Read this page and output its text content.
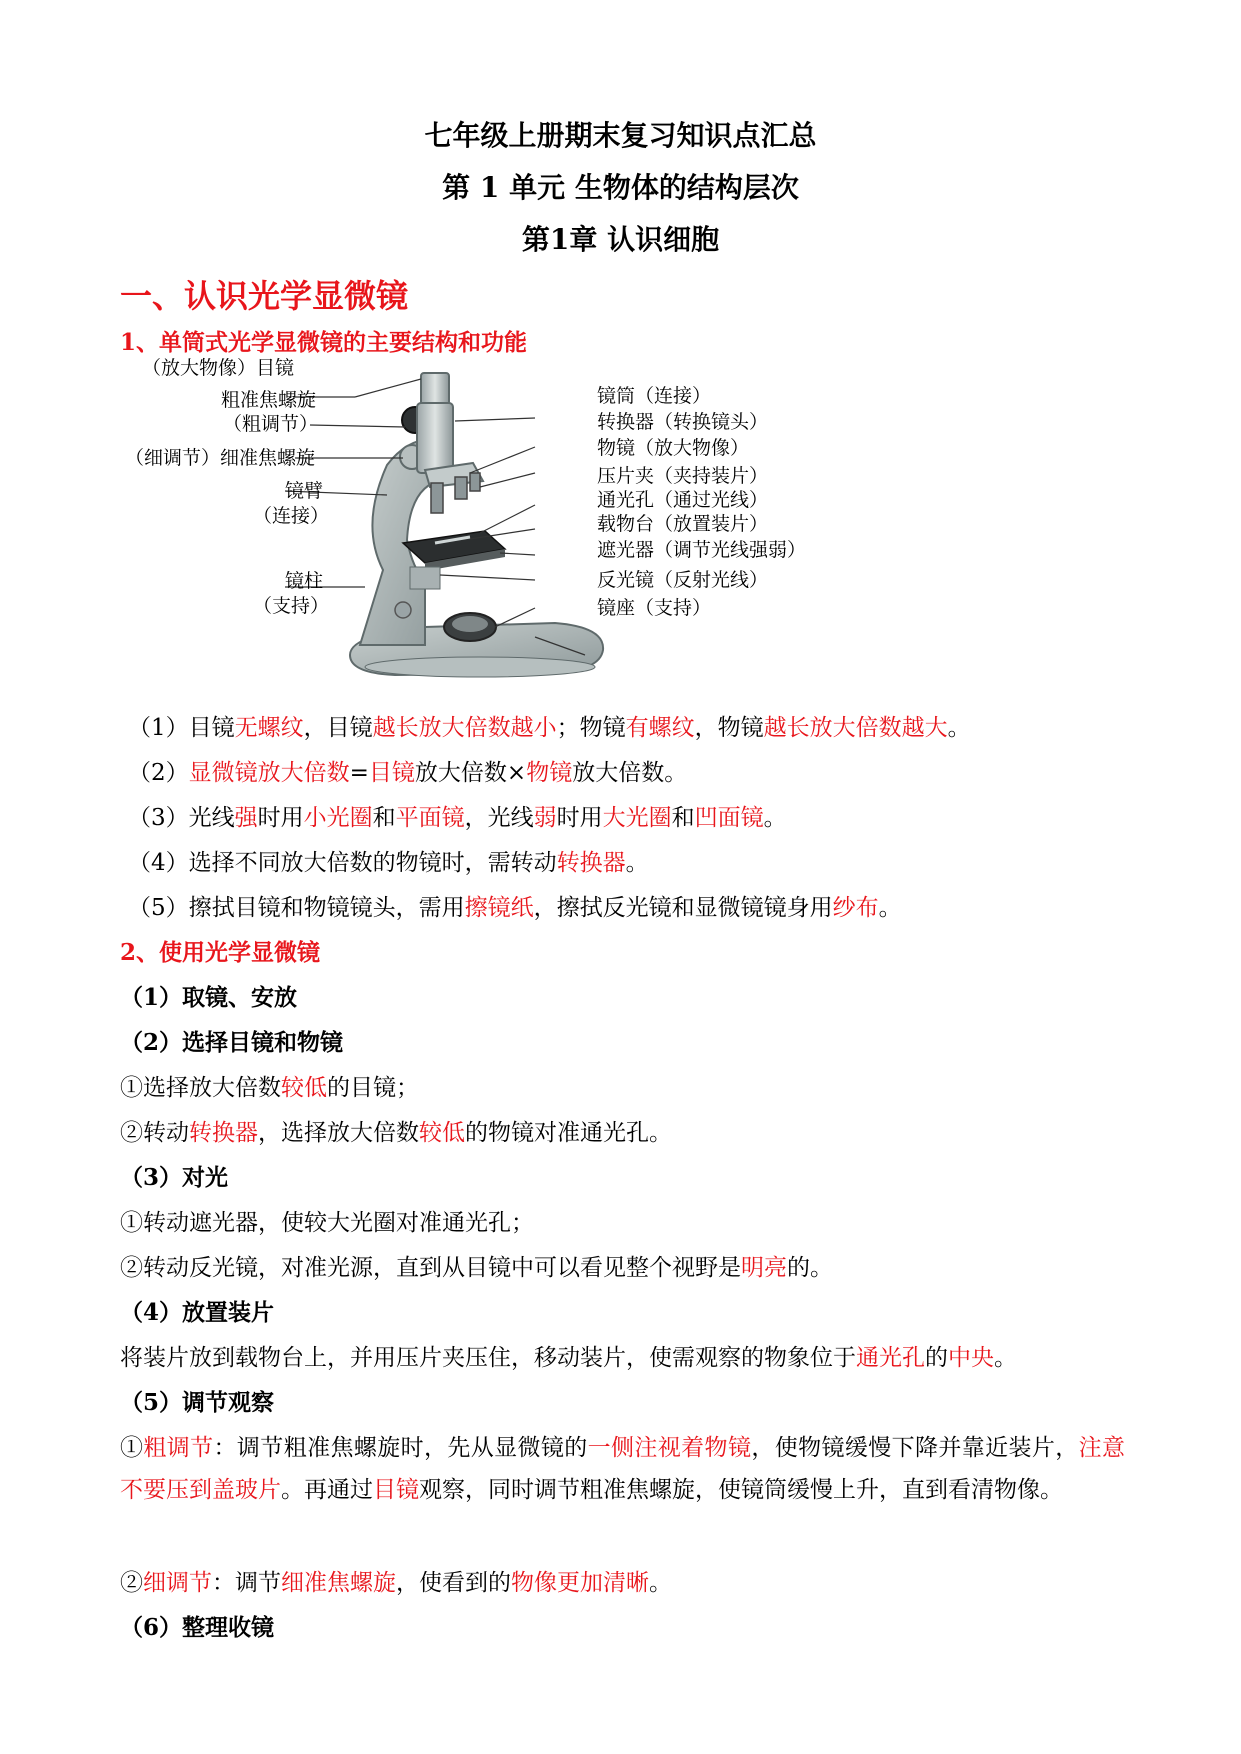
七年级上册期末复习知识点汇总
第 1 单元 生物体的结构层次
第1章 认识细胞
一、认识光学显微镜
1、单筒式光学显微镜的主要结构和功能
（放大物像）目镜
粗准焦螺旋
（粗调节）
（细调节）细准焦螺旋
镜臂
（连接）
镜柱
（支持）
镜筒（连接）
转换器（转换镜头）
物镜（放大物像）
压片夹（夹持装片）
通光孔（通过光线）
载物台（放置装片）
遮光器（调节光线强弱）
反光镜（反射光线）
镜座（支持）
（1）目镜无螺纹，目镜越长放大倍数越小；物镜有螺纹，物镜越长放大倍数越大。
（2）显微镜放大倍数=目镜放大倍数×物镜放大倍数。
（3）光线强时用小光圈和平面镜，光线弱时用大光圈和凹面镜。
（4）选择不同放大倍数的物镜时，需转动转换器。
（5）擦拭目镜和物镜镜头，需用擦镜纸，擦拭反光镜和显微镜镜身用纱布。
2、使用光学显微镜
（1）取镜、安放
（2）选择目镜和物镜
①选择放大倍数较低的目镜；
②转动转换器，选择放大倍数较低的物镜对准通光孔。
（3）对光
①转动遮光器，使较大光圈对准通光孔；
②转动反光镜，对准光源，直到从目镜中可以看见整个视野是明亮的。
（4）放置装片
将装片放到载物台上，并用压片夹压住，移动装片，使需观察的物象位于通光孔的中央。
（5）调节观察
①粗调节：调节粗准焦螺旋时，先从显微镜的一侧注视着物镜，使物镜缓慢下降并靠近装片，注意不要压到盖玻片。再通过目镜观察，同时调节粗准焦螺旋，使镜筒缓慢上升，直到看清物像。
②细调节：调节细准焦螺旋，使看到的物像更加清晰。
（6）整理收镜
